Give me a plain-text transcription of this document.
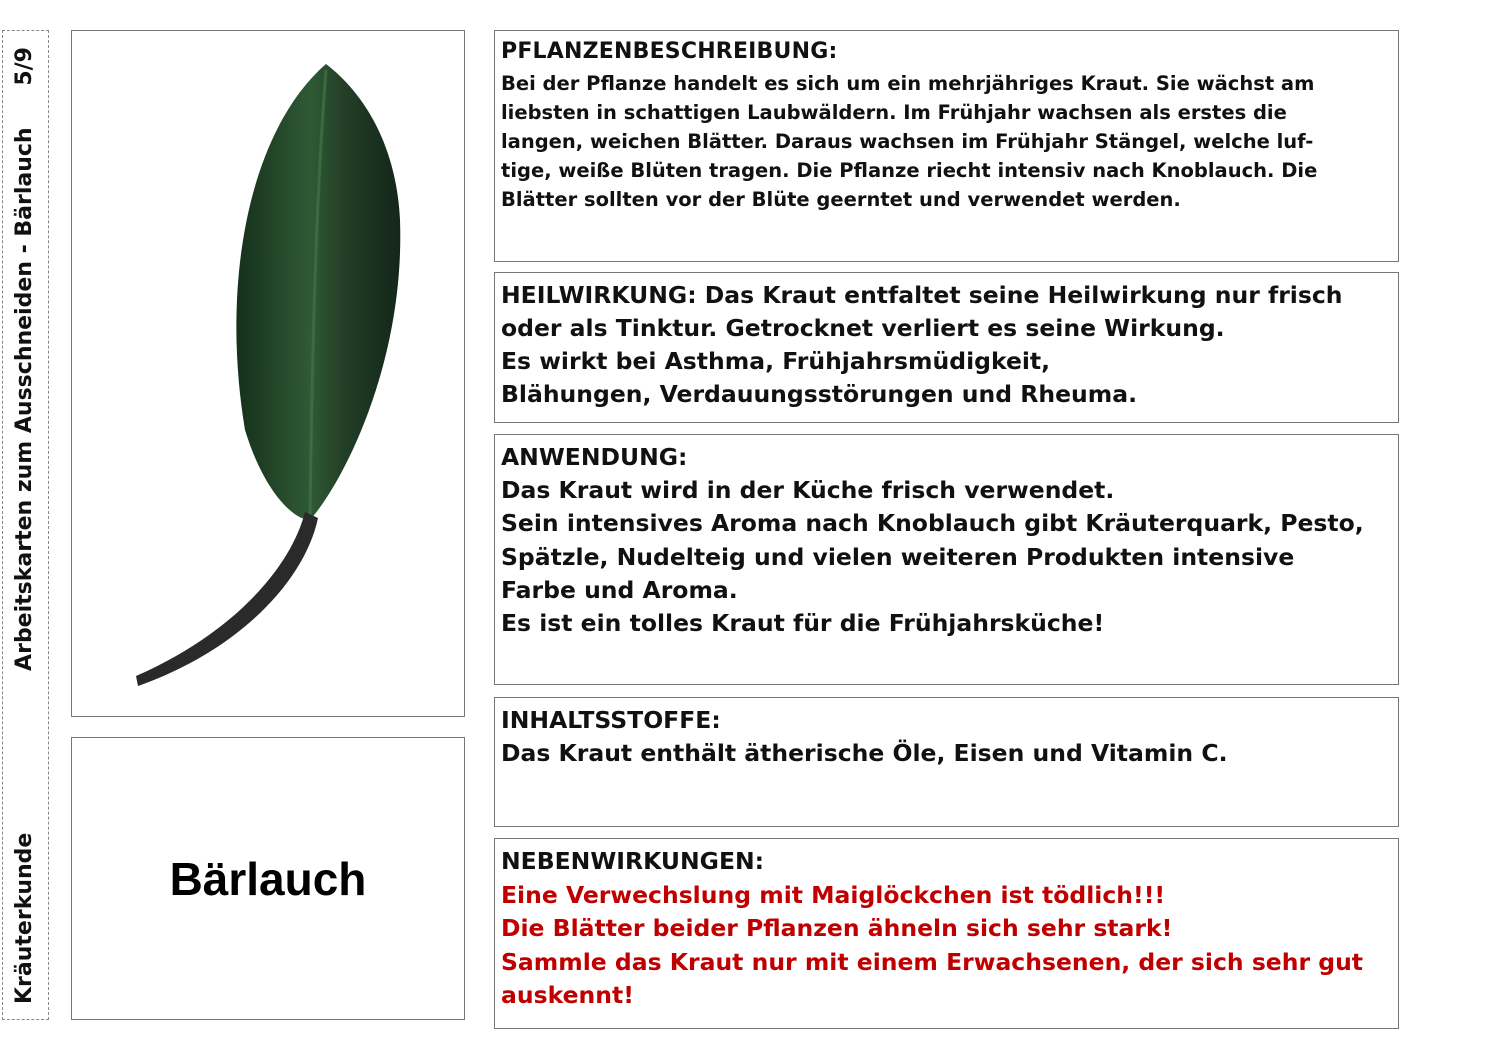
Kräuterkunde
Arbeitskarten zum Ausschneiden - Bärlauch
5/9
Bärlauch
PFLANZENBESCHREIBUNG:
Bei der Pflanze handelt es sich um ein mehrjähriges Kraut. Sie wächst am
liebsten in schattigen Laubwäldern. Im Frühjahr wachsen als erstes die
langen, weichen Blätter. Daraus wachsen im Frühjahr Stängel, welche luf-
tige, weiße Blüten tragen. Die Pflanze riecht intensiv nach Knoblauch. Die
Blätter sollten vor der Blüte geerntet und verwendet werden.
HEILWIRKUNG: Das Kraut entfaltet seine Heilwirkung nur frisch
oder als Tinktur. Getrocknet verliert es seine Wirkung.
Es wirkt bei Asthma, Frühjahrsmüdigkeit,
Blähungen, Verdauungsstörungen und Rheuma.
ANWENDUNG:
Das Kraut wird in der Küche frisch verwendet.
Sein intensives Aroma nach Knoblauch gibt Kräuterquark, Pesto,
Spätzle, Nudelteig und vielen weiteren Produkten intensive
Farbe und Aroma.
Es ist ein tolles Kraut für die Frühjahrsküche!
INHALTSSTOFFE:
Das Kraut enthält ätherische Öle, Eisen und Vitamin C.
NEBENWIRKUNGEN:
Eine Verwechslung mit Maiglöckchen ist tödlich!!!
Die Blätter beider Pflanzen ähneln sich sehr stark!
Sammle das Kraut nur mit einem Erwachsenen, der sich sehr gut
auskennt!
